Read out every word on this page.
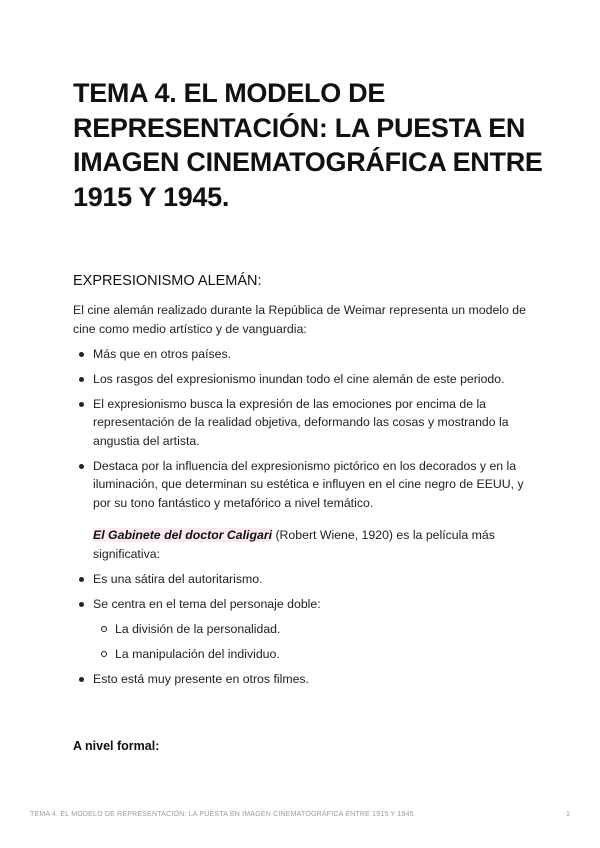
TEMA 4. EL MODELO DE REPRESENTACIÓN: LA PUESTA EN IMAGEN CINEMATOGRÁFICA ENTRE 1915 Y 1945.
EXPRESIONISMO ALEMÁN:

El cine alemán realizado durante la República de Weimar representa un modelo de cine como medio artístico y de vanguardia:

Más que en otros países.
Los rasgos del expresionismo inundan todo el cine alemán de este periodo.
El expresionismo busca la expresión de las emociones por encima de la representación de la realidad objetiva, deformando las cosas y mostrando la angustia del artista.
Destaca por la influencia del expresionismo pictórico en los decorados y en la iluminación, que determinan su estética e influyen en el cine negro de EEUU, y por su tono fantástico y metafórico a nivel temático.

El Gabinete del doctor Caligari (Robert Wiene, 1920) es la película más significativa:

Es una sátira del autoritarismo.
Se centra en el tema del personaje doble:
La división de la personalidad.
La manipulación del individuo.
Esto está muy presente en otros filmes.
A nivel formal:
TEMA 4. EL MODELO DE REPRESENTACIÓN: LA PUESTA EN IMAGEN CINEMATOGRÁFICA ENTRE 1915 Y 1945.	1
